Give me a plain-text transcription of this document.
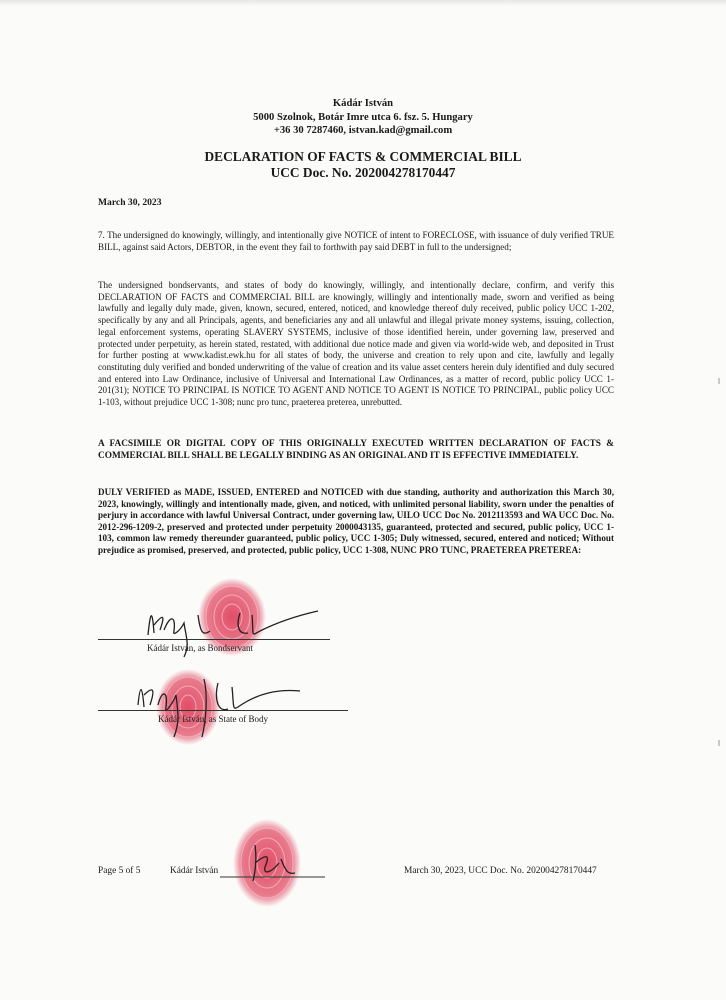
Kádár István
5000 Szolnok, Botár Imre utca 6. fsz. 5. Hungary
+36 30 7287460, istvan.kad@gmail.com
DECLARATION OF FACTS & COMMERCIAL BILL
UCC Doc. No. 202004278170447
March 30, 2023
7. The undersigned do knowingly, willingly, and intentionally give NOTICE of intent to FORECLOSE, with issuance of duly verified TRUE BILL, against said Actors, DEBTOR, in the event they fail to forthwith pay said DEBT in full to the undersigned;
The undersigned bondservants, and states of body do knowingly, willingly, and intentionally declare, confirm, and verify this DECLARATION OF FACTS and COMMERCIAL BILL are knowingly, willingly and intentionally made, sworn and verified as being lawfully and legally duly made, given, known, secured, entered, noticed, and knowledge thereof duly received, public policy UCC 1-202, specifically by any and all Principals, agents, and beneficiaries any and all unlawful and illegal private money systems, issuing, collection, legal enforcement systems, operating SLAVERY SYSTEMS, inclusive of those identified herein, under governing law, preserved and protected under perpetuity, as herein stated, restated, with additional due notice made and given via world-wide web, and deposited in Trust for further posting at www.kadist.ewk.hu for all states of body, the universe and creation to rely upon and cite, lawfully and legally constituting duly verified and bonded underwriting of the value of creation and its value asset centers herein duly identified and duly secured and entered into Law Ordinance, inclusive of Universal and International Law Ordinances, as a matter of record, public policy UCC 1-201(31); NOTICE TO PRINCIPAL IS NOTICE TO AGENT AND NOTICE TO AGENT IS NOTICE TO PRINCIPAL, public policy UCC 1-103, without prejudice UCC 1-308; nunc pro tunc, praeterea preterea, unrebutted.
A FACSIMILE OR DIGITAL COPY OF THIS ORIGINALLY EXECUTED WRITTEN DECLARATION OF FACTS & COMMERCIAL BILL SHALL BE LEGALLY BINDING AS AN ORIGINAL AND IT IS EFFECTIVE IMMEDIATELY.
DULY VERIFIED as MADE, ISSUED, ENTERED and NOTICED with due standing, authority and authorization this March 30, 2023, knowingly, willingly and intentionally made, given, and noticed, with unlimited personal liability, sworn under the penalties of perjury in accordance with lawful Universal Contract, under governing law, UILO UCC Doc No. 2012113593 and WA UCC Doc. No. 2012-296-1209-2, preserved and protected under perpetuity 2000043135, guaranteed, protected and secured, public policy, UCC 1-103, common law remedy thereunder guaranteed, public policy, UCC 1-305; Duly witnessed, secured, entered and noticed; Without prejudice as promised, preserved, and protected, public policy, UCC 1-308, NUNC PRO TUNC, PRAETEREA PRETEREA:
Kádár István, as Bondservant
Kádár István, as State of Body
Page 5 of 5	Kádár István	March 30, 2023, UCC Doc. No. 202004278170447
